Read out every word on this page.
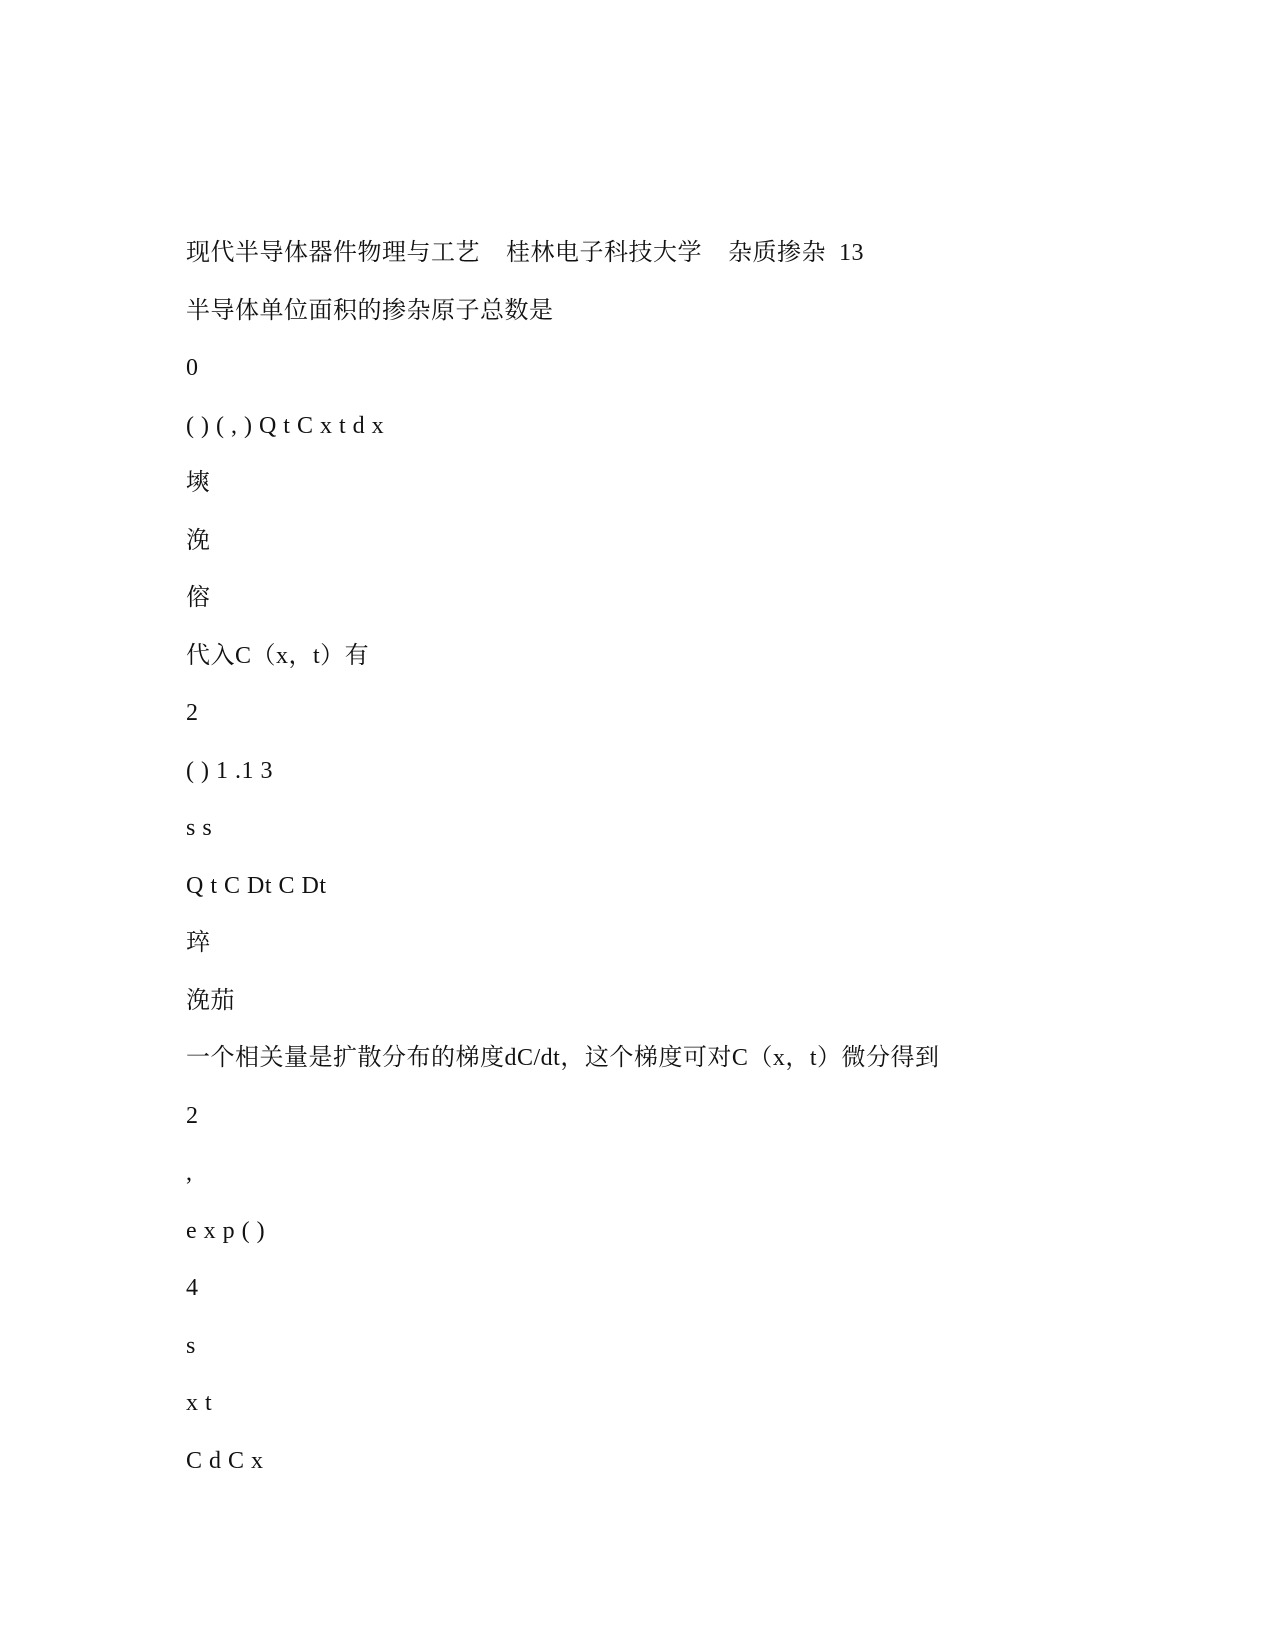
现代半导体器件物理与工艺    桂林电子科技大学    杂质掺杂  13
半导体单位面积的掺杂原子总数是
0
( ) ( , ) Q t C x t d x
塽
浼
傛
代入C（x，t）有
2
( ) 1 .1 3
s s
Q t C Dt C Dt
琗
浼茄
一个相关量是扩散分布的梯度dC/dt，这个梯度可对C（x，t）微分得到
2
,
e x p ( )
4
s
x t
C d C x
